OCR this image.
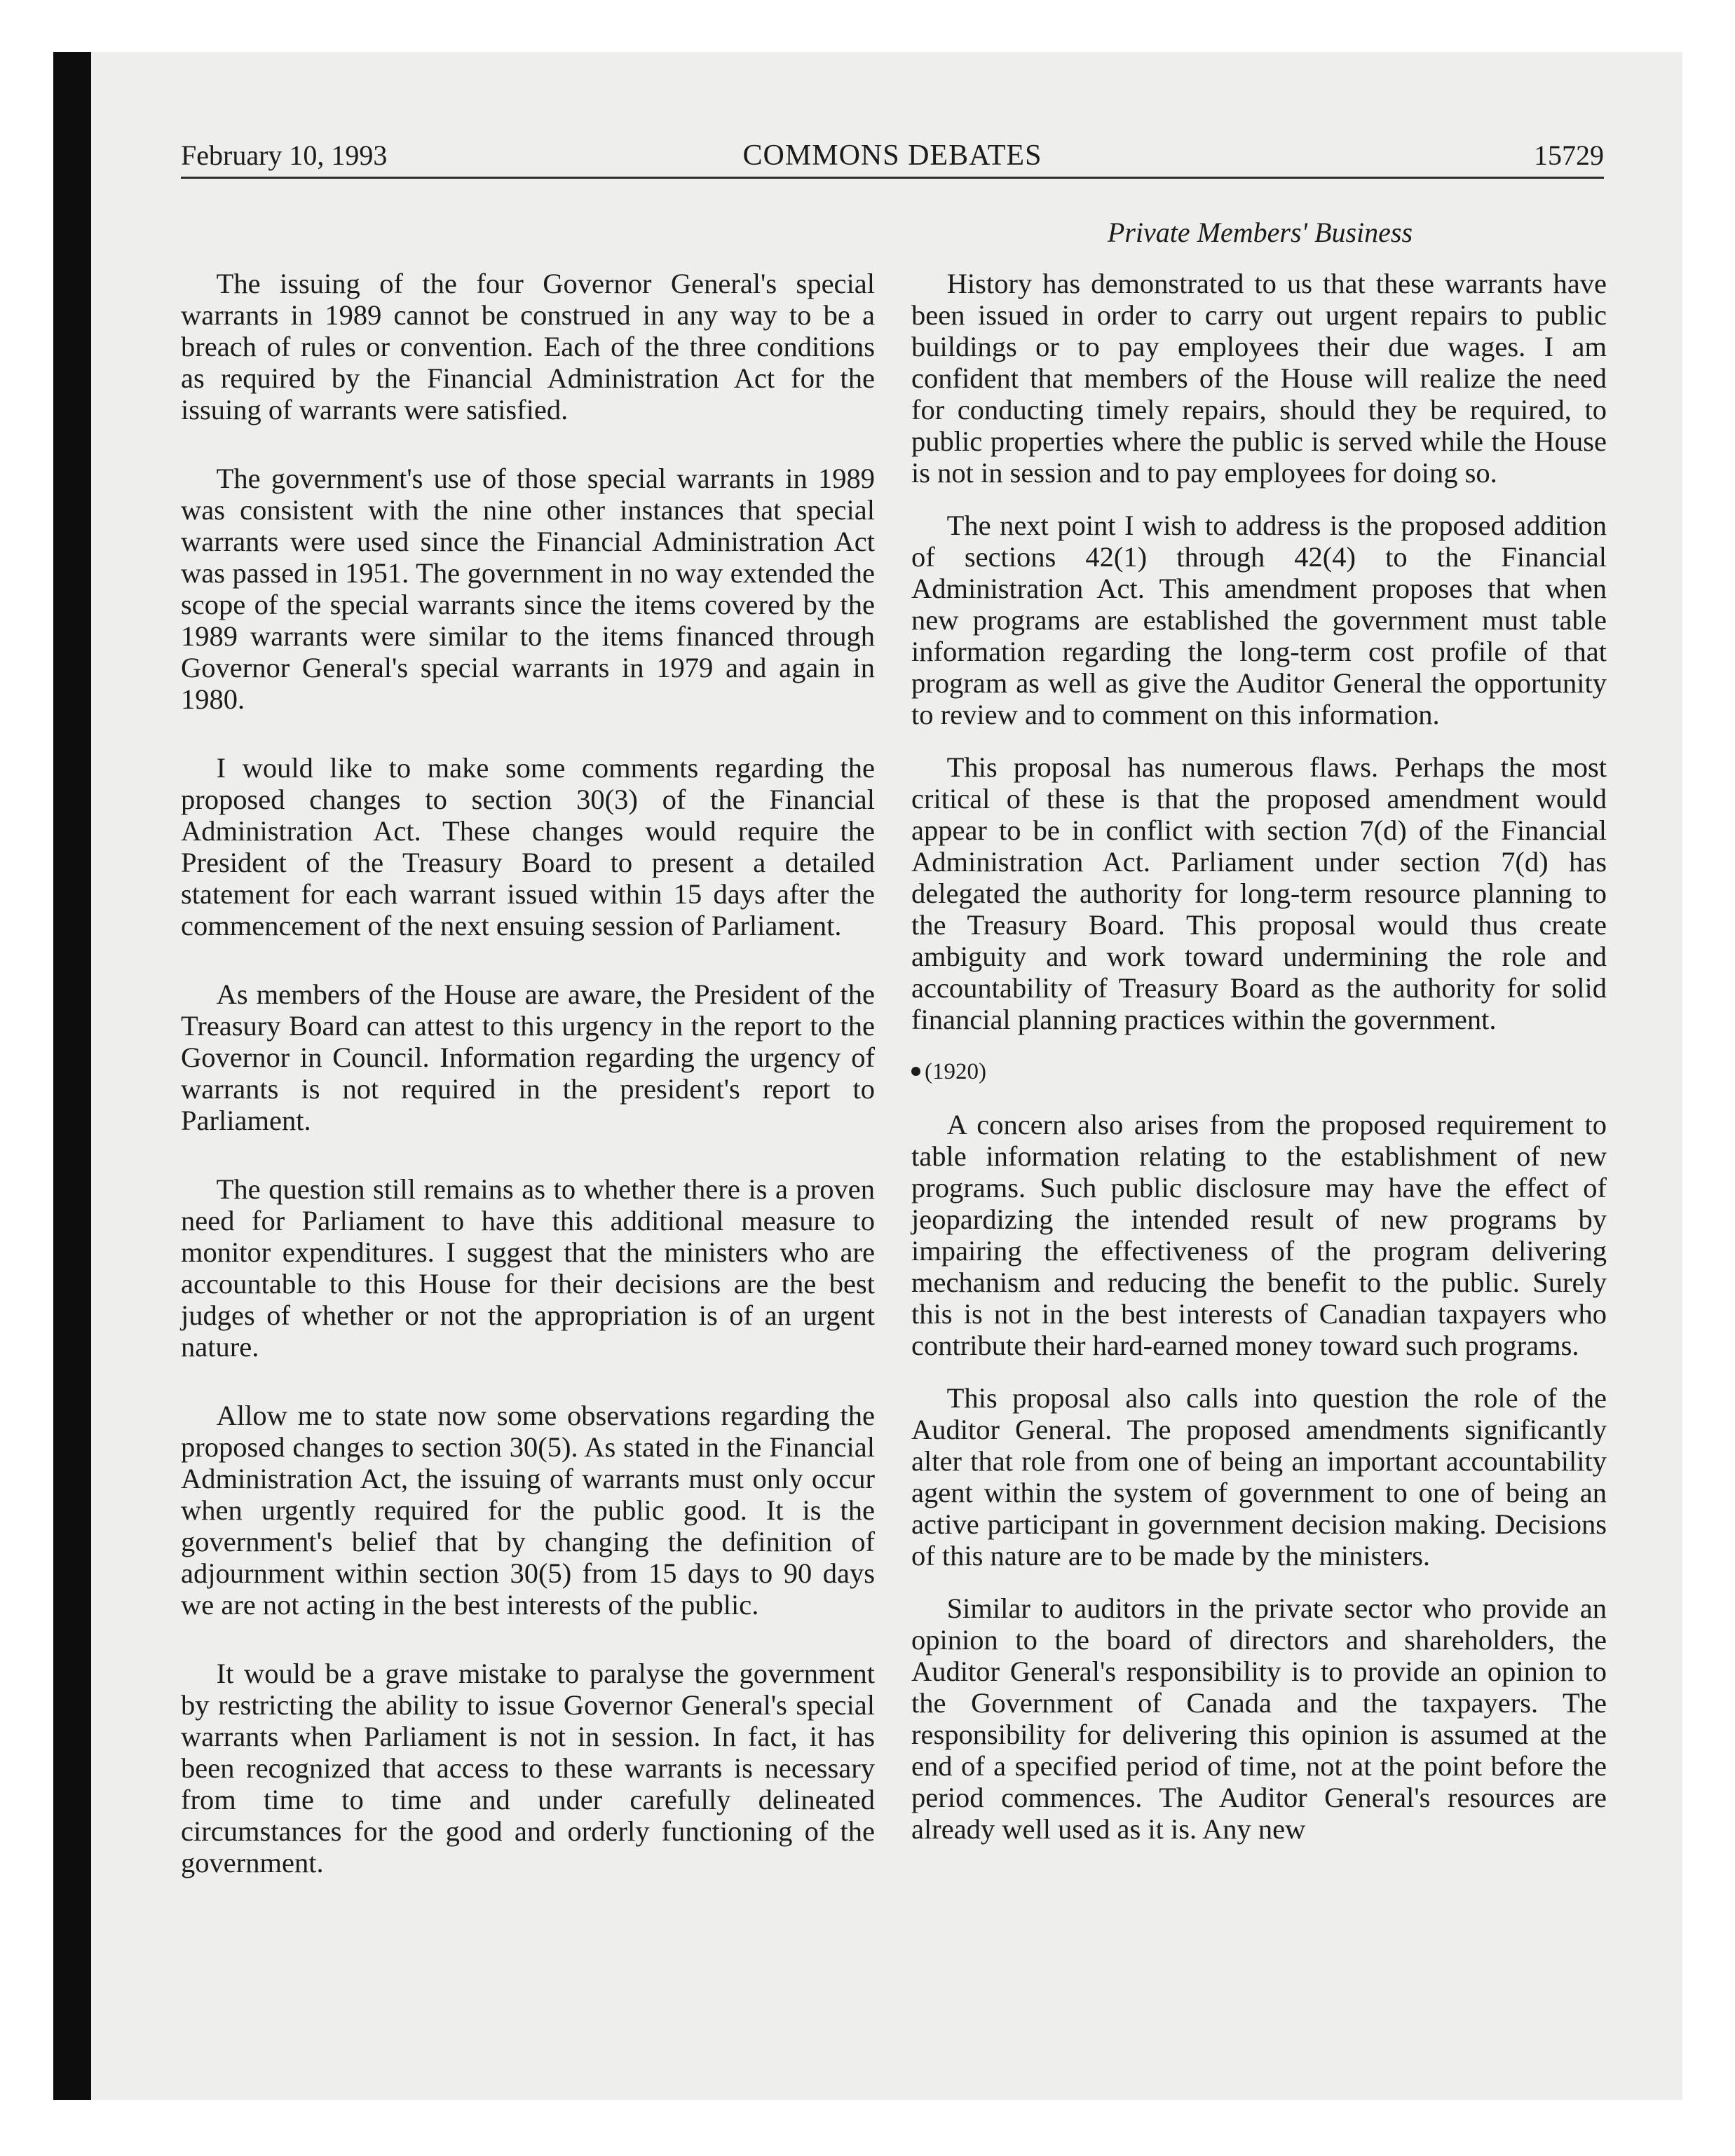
February 10, 1993	COMMONS DEBATES	15729
Private Members' Business

The issuing of the four Governor General's special warrants in 1989 cannot be construed in any way to be a breach of rules or convention. Each of the three conditions as required by the Financial Administration Act for the issuing of warrants were satisfied.

The government's use of those special warrants in 1989 was consistent with the nine other instances that special warrants were used since the Financial Administration Act was passed in 1951. The government in no way extended the scope of the special warrants since the items covered by the 1989 warrants were similar to the items financed through Governor General's special warrants in 1979 and again in 1980.

I would like to make some comments regarding the proposed changes to section 30(3) of the Financial Administration Act. These changes would require the President of the Treasury Board to present a detailed statement for each warrant issued within 15 days after the commencement of the next ensuing session of Parliament.

As members of the House are aware, the President of the Treasury Board can attest to this urgency in the report to the Governor in Council. Information regarding the urgency of warrants is not required in the president's report to Parliament.

The question still remains as to whether there is a proven need for Parliament to have this additional measure to monitor expenditures. I suggest that the ministers who are accountable to this House for their decisions are the best judges of whether or not the appropriation is of an urgent nature.

Allow me to state now some observations regarding the proposed changes to section 30(5). As stated in the Financial Administration Act, the issuing of warrants must only occur when urgently required for the public good. It is the government's belief that by changing the definition of adjournment within section 30(5) from 15 days to 90 days we are not acting in the best interests of the public.

It would be a grave mistake to paralyse the government by restricting the ability to issue Governor General's special warrants when Parliament is not in session. In fact, it has been recognized that access to these warrants is necessary from time to time and under carefully delineated circumstances for the good and orderly functioning of the government.

History has demonstrated to us that these warrants have been issued in order to carry out urgent repairs to public buildings or to pay employees their due wages. I am confident that members of the House will realize the need for conducting timely repairs, should they be required, to public properties where the public is served while the House is not in session and to pay employees for doing so.

The next point I wish to address is the proposed addition of sections 42(1) through 42(4) to the Financial Administration Act. This amendment proposes that when new programs are established the government must table information regarding the long-term cost profile of that program as well as give the Auditor General the opportunity to review and to comment on this information.

This proposal has numerous flaws. Perhaps the most critical of these is that the proposed amendment would appear to be in conflict with section 7(d) of the Financial Administration Act. Parliament under section 7(d) has delegated the authority for long-term resource planning to the Treasury Board. This proposal would thus create ambiguity and work toward undermining the role and accountability of Treasury Board as the authority for solid financial planning practices within the government.

(1920)

A concern also arises from the proposed requirement to table information relating to the establishment of new programs. Such public disclosure may have the effect of jeopardizing the intended result of new programs by impairing the effectiveness of the program delivering mechanism and reducing the benefit to the public. Surely this is not in the best interests of Canadian taxpayers who contribute their hard-earned money toward such programs.

This proposal also calls into question the role of the Auditor General. The proposed amendments significantly alter that role from one of being an important accountability agent within the system of government to one of being an active participant in government decision making. Decisions of this nature are to be made by the ministers.

Similar to auditors in the private sector who provide an opinion to the board of directors and shareholders, the Auditor General's responsibility is to provide an opinion to the Government of Canada and the taxpayers. The responsibility for delivering this opinion is assumed at the end of a specified period of time, not at the point before the period commences. The Auditor General's resources are already well used as it is. Any new
